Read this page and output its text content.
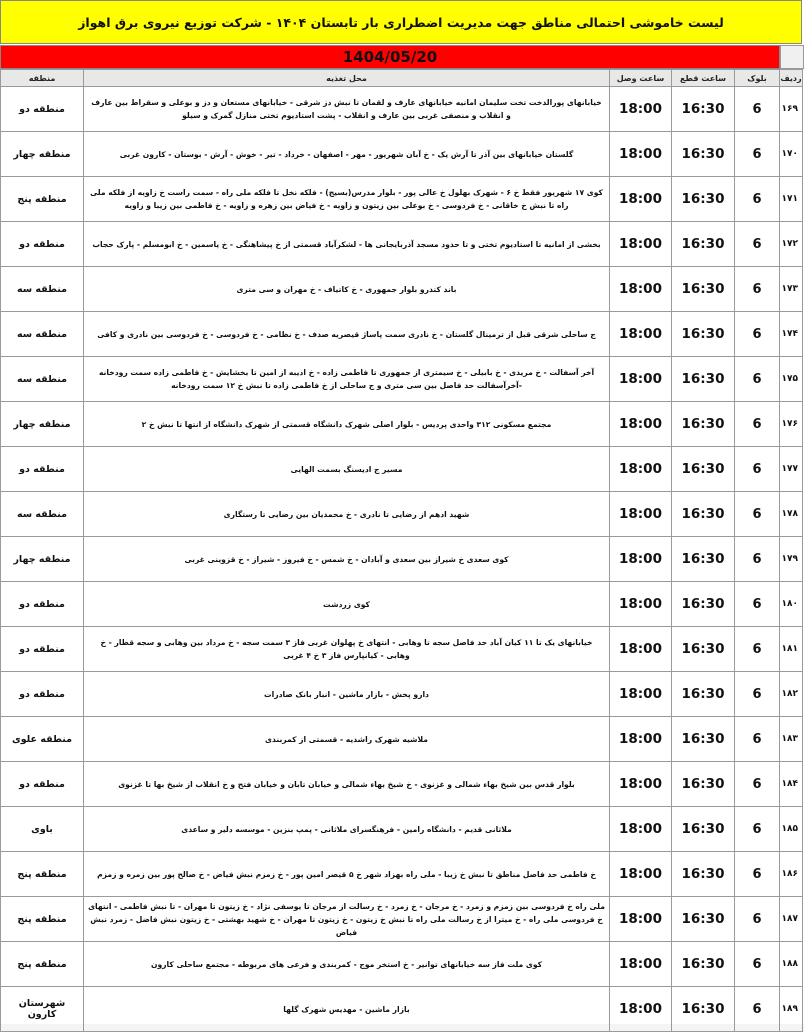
لیست خاموشی احتمالی مناطق جهت مدیریت اضطراری بار تابستان ۱۴۰۴ - شرکت توزیع نیروی برق اهواز
1404/05/20
ردیف	بلوک	ساعت قطع	ساعت وصل	محل تغذیه	منطقه
۱۶۹	6	16:30	18:00	خیابانهای پورالدخت تخت سلیمان امانیه خیابانهای عارف و لقمان تا نبش دز شرقی - خیابانهای مستعان و دز و بوعلی و سقراط بین عارف و انقلاب و منصفی غربی بین عارف و انقلاب - پشت استادیوم تختی منازل گمرک و سیلو	منطقه دو
۱۷۰	6	16:30	18:00	گلستان خیابانهای بین آذر تا آرش یک - خ آبان شهریور - مهر - اصفهان - خرداد - تیر - خوش - آرش - بوستان - کارون غربی	منطقه چهار
۱۷۱	6	16:30	18:00	کوی ۱۷ شهریور فقط خ ۶ - شهرک بهلول خ عالی پور - بلوار مدرس(بسیج) - فلکه نخل تا فلکه ملی راه - سمت راست خ زاویه از فلکه ملی راه تا نبش خ خاقانی - خ فردوسی - خ بوعلی بین زیتون و زاویه - خ فیاض بین زهره و زاویه - خ فاطمی بین زیبا و زاویه	منطقه پنج
۱۷۲	6	16:30	18:00	بخشی از امانیه تا استادیوم تختی و تا حدود مسجد آذربایجانی ها - لشکرآباد قسمتی از خ پیشاهنگی - خ یاسمین - خ ابومسلم - پارک حجاب	منطقه دو
۱۷۳	6	16:30	18:00	باند کندرو بلوار جمهوری - خ کاتیاف - خ مهران و سی متری	منطقه سه
۱۷۴	6	16:30	18:00	ج ساحلی شرقی قبل از ترمینال گلستان - خ نادری سمت پاساژ قیصریه صدف - خ نظامی - خ فردوسی - خ فردوسی بین نادری و کافی	منطقه سه
۱۷۵	6	16:30	18:00	آخر آسفالت - خ مریدی - خ بابیلی - خ سیمتری از جمهوری تا فاطمی زاده - خ ادیبه از امین تا بخشایش - خ فاطمی زاده سمت رودخانه -آخرآسفالت حد فاصل بین سی متری و ج ساحلی از خ فاطمی زاده تا نبش خ ۱۲ سمت رودخانه	منطقه سه
۱۷۶	6	16:30	18:00	مجتمع مسکونی ۳۱۲ واحدی پردیس - بلوار اصلی شهرک دانشگاه قسمتی از شهرک دانشگاه از انتها تا نبش خ ۲	منطقه چهار
۱۷۷	6	16:30	18:00	مسیر ج ادیسنگ بسمت الهایی	منطقه دو
۱۷۸	6	16:30	18:00	شهید ادهم از رضایی تا نادری - خ محمدیان بین رضایی تا رستگاری	منطقه سه
۱۷۹	6	16:30	18:00	کوی سعدی خ شیراز بین سعدی و آبادان - خ شمس - خ فیروز - شیراز - خ قزوینی غربی	منطقه چهار
۱۸۰	6	16:30	18:00	کوی زردشت	منطقه دو
۱۸۱	6	16:30	18:00	خیابانهای یک تا ۱۱ کیان آباد حد فاصل سجه تا وهابی - انتهای خ پهلوان غربی فاز ۳ سمت سجه - خ مرداد بین وهابی و سجه قطار - خ وهابی - کیانپارس فاز ۳ خ ۴ غربی	منطقه دو
۱۸۲	6	16:30	18:00	دارو پخش - بازار ماشین - انبار بانک صادرات	منطقه دو
۱۸۳	6	16:30	18:00	ملاشیه شهرک راشدیه - قسمتی از کمربندی	منطقه علوی
۱۸۴	6	16:30	18:00	بلوار قدس بین شیخ بهاء شمالی و غزنوی - خ شیخ بهاء شمالی و خیابان تابان و خیابان فتح و خ انقلاب از شیخ بها تا غزنوی	منطقه دو
۱۸۵	6	16:30	18:00	ملاثانی قدیم - دانشگاه رامین - فرهنگسرای ملاثانی - پمپ بنزین - موسسه دلیر و ساعدی	باوی
۱۸۶	6	16:30	18:00	خ فاطمی حد فاصل مناطق تا نبش خ زیبا - ملی راه بهزاد شهر خ ۵ قیصر امین پور - خ زمزم نبش فیاض - خ صالح پور بین زمره و زمزم	منطقه پنج
۱۸۷	6	16:30	18:00	ملی راه خ فردوسی بین زمزم و زمرد - خ مرجان - خ زمرد - خ رسالت از مرجان تا یوسفی نژاد - خ زیتون تا مهران - تا نبش فاطمی - انتهای خ فردوسی ملی راه - خ میترا از خ رسالت ملی راه تا نبش خ زیتون - خ زیتون تا مهران - خ شهید بهشتی - خ زیتون نبش فاضل - زمرد نبش فیاض	منطقه پنج
۱۸۸	6	16:30	18:00	کوی ملت فاز سه خیابانهای توانیر - خ استخر موج - کمربندی و فرعی های مربوطه - مجتمع ساحلی کارون	منطقه پنج
۱۸۹	6	16:30	18:00	بازار ماشین - مهدیس شهرک گلها	شهرستان کارون
